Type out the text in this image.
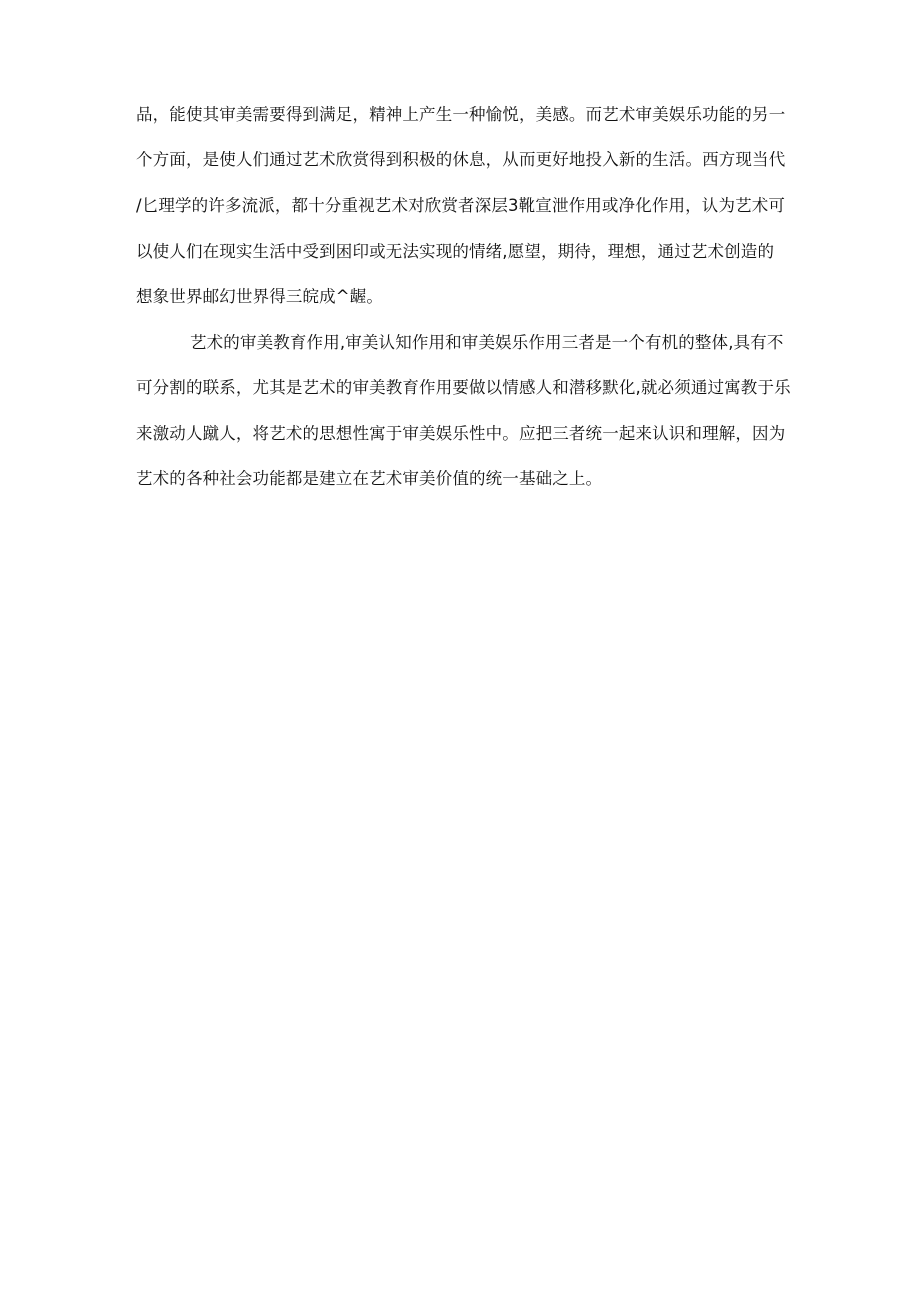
品，能使其审美需要得到满足，精神上产生一种愉悦，美感。而艺术审美娱乐功能的另一
个方面，是使人们通过艺术欣赏得到积极的休息，从而更好地投入新的生活。西方现当代
/匕理学的许多流派，都十分重视艺术对欣赏者深层3靴宣泄作用或净化作用，认为艺术可
以使人们在现实生活中受到困印或无法实现的情绪,愿望，期待，理想，通过艺术创造的
想象世界邮幻世界得三皖成^龌。
艺术的审美教育作用,审美认知作用和审美娱乐作用三者是一个有机的整体,具有不
可分割的联系，尤其是艺术的审美教育作用要做以情感人和潜移默化,就必须通过寓教于乐
来激动人蹴人，将艺术的思想性寓于审美娱乐性中。应把三者统一起来认识和理解，因为
艺术的各种社会功能都是建立在艺术审美价值的统一基础之上。
